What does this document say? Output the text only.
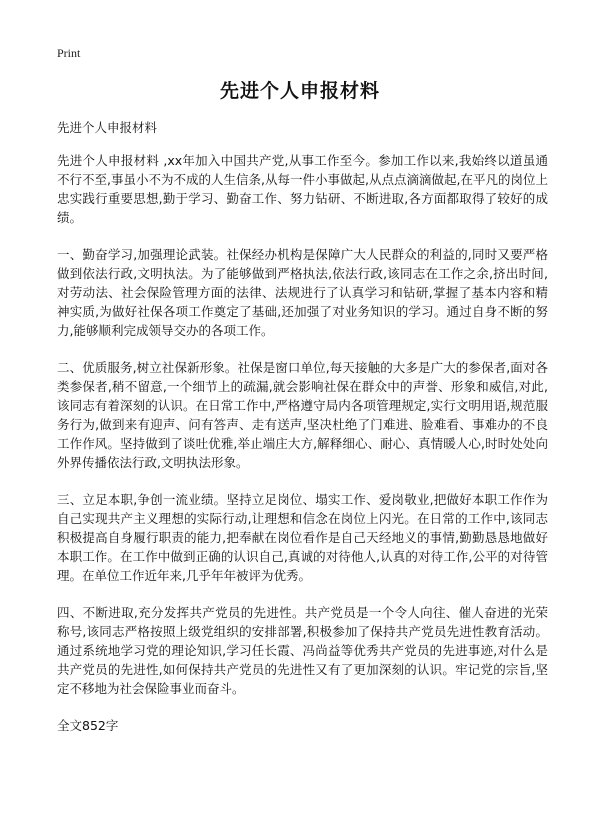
Print
先进个人申报材料

先进个人申报材料

先进个人申报材料 ,xx年加入中国共产党,从事工作至今。参加工作以来,我始终以道虽通不行不至,事虽小不为不成的人生信条,从每一件小事做起,从点点滴滴做起,在平凡的岗位上忠实践行重要思想,勤于学习、勤奋工作、努力钻研、不断进取,各方面都取得了较好的成绩。

一、勤奋学习,加强理论武装。社保经办机构是保障广大人民群众的利益的,同时又要严格做到依法行政,文明执法。为了能够做到严格执法,依法行政,该同志在工作之余,挤出时间,对劳动法、社会保险管理方面的法律、法规进行了认真学习和钻研,掌握了基本内容和精神实质,为做好社保各项工作奠定了基础,还加强了对业务知识的学习。通过自身不断的努力,能够顺利完成领导交办的各项工作。

二、优质服务,树立社保新形象。社保是窗口单位,每天接触的大多是广大的参保者,面对各类参保者,稍不留意,一个细节上的疏漏,就会影响社保在群众中的声誉、形象和威信,对此,该同志有着深刻的认识。在日常工作中,严格遵守局内各项管理规定,实行文明用语,规范服务行为,做到来有迎声、问有答声、走有送声,坚决杜绝了门难进、脸难看、事难办的不良工作作风。坚持做到了谈吐优雅,举止端庄大方,解释细心、耐心、真情暖人心,时时处处向外界传播依法行政,文明执法形象。

三、立足本职,争创一流业绩。坚持立足岗位、塌实工作、爱岗敬业,把做好本职工作作为自己实现共产主义理想的实际行动,让理想和信念在岗位上闪光。在日常的工作中,该同志积极提高自身履行职责的能力,把奉献在岗位看作是自己天经地义的事情,勤勤恳恳地做好本职工作。在工作中做到正确的认识自己,真诚的对待他人,认真的对待工作,公平的对待管理。在单位工作近年来,几乎年年被评为优秀。

四、不断进取,充分发挥共产党员的先进性。共产党员是一个令人向往、催人奋进的光荣称号,该同志严格按照上级党组织的安排部署,积极参加了保持共产党员先进性教育活动。通过系统地学习党的理论知识,学习任长霞、冯尚益等优秀共产党员的先进事迹,对什么是共产党员的先进性,如何保持共产党员的先进性又有了更加深刻的认识。牢记党的宗旨,坚定不移地为社会保险事业而奋斗。

全文852字
